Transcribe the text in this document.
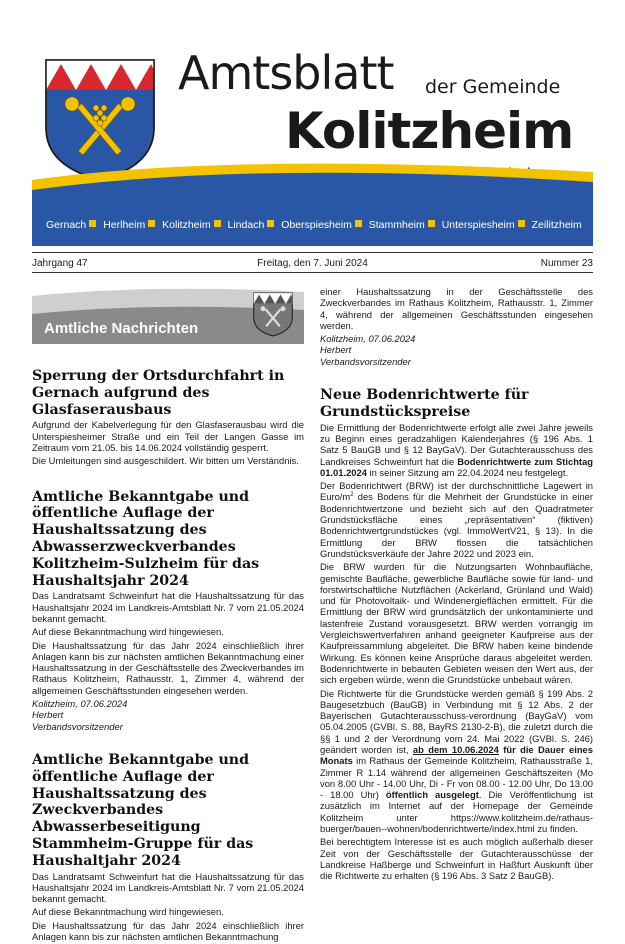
Amtsblatt der Gemeinde
Kolitzheim
Gernach Herlheim Kolitzheim Lindach Oberspiesheim Stammheim Unterspiesheim Zeilitzheim
Jahrgang 47	Freitag, den 7. Juni 2024	Nummer 23
Amtliche Nachrichten
Sperrung der Ortsdurchfahrt in Gernach aufgrund des Glasfaserausbaus

Aufgrund der Kabelverlegung für den Glasfaserausbau wird die Unterspiesheimer Straße und ein Teil der Langen Gasse im Zeitraum vom 21.05. bis 14.06.2024 vollständig gesperrt.

Die Umleitungen sind ausgeschildert. Wir bitten um Verständnis.

Amtliche Bekanntgabe und öffentliche Auflage der Haushaltssatzung des Abwasserzweckverbandes Kolitzheim-Sulzheim für das Haushaltsjahr 2024

Das Landratsamt Schweinfurt hat die Haushaltssatzung für das Haushaltsjahr 2024 im Landkreis-Amtsblatt Nr. 7 vom 21.05.2024 bekannt gemacht.

Auf diese Bekanntmachung wird hingewiesen.

Die Haushaltssatzung für das Jahr 2024 einschließlich ihrer Anlagen kann bis zur nächsten amtlichen Bekanntmachung einer Haushaltssatzung in der Geschäftsstelle des Zweckverbandes im Rathaus Kolitzheim, Rathausstr. 1, Zimmer 4, während der allgemeinen Geschäftsstunden eingesehen werden.

Kolitzheim, 07.06.2024

Herbert

Verbandsvorsitzender

Amtliche Bekanntgabe und öffentliche Auflage der Haushaltssatzung des Zweckverbandes Abwasserbeseitigung Stammheim-Gruppe für das Haushaltjahr 2024

Das Landratsamt Schweinfurt hat die Haushaltssatzung für das Haushaltsjahr 2024 im Landkreis-Amtsblatt Nr. 7 vom 21.05.2024 bekannt gemacht.

Auf diese Bekanntmachung wird hingewiesen.

Die Haushaltssatzung für das Jahr 2024 einschließlich ihrer Anlagen kann bis zur nächsten amtlichen Bekanntmachung

einer Haushaltssatzung in der Geschäftsstelle des Zweckverbandes im Rathaus Kolitzheim, Rathausstr. 1, Zimmer 4, während der allgemeinen Geschäftsstunden eingesehen werden.

Kolitzheim, 07.06.2024

Herbert

Verbandsvorsitzender

Neue Bodenrichtwerte für Grundstückspreise

Die Ermittlung der Bodenrichtwerte erfolgt alle zwei Jahre jeweils zu Beginn eines geradzahligen Kalenderjahres (§ 196 Abs. 1 Satz 5 BauGB und § 12 BayGaV). Der Gutachterausschuss des Landkreises Schweinfurt hat die Bodenrichtwerte zum Stichtag 01.01.2024 in seiner Sitzung am 22.04.2024 neu festgelegt.

Der Bodenrichtwert (BRW) ist der durchschnittliche Lagewert in Euro/$m^2$ des Bodens für die Mehrheit der Grundstücke in einer Bodenrichtwertzone und bezieht sich auf den Quadratmeter Grundstücksfläche eines „repräsentativen“ (fiktiven) Bodenrichtwertgrundstückes (vgl. ImmoWertV21, § 13). In die Ermittlung der BRW flossen die tatsächlichen Grundstücksverkäufe der Jahre 2022 und 2023 ein.

Die BRW wurden für die Nutzungsarten Wohnbaufläche, gemischte Baufläche, gewerbliche Baufläche sowie für land- und forstwirtschaftliche Nutzflächen (Ackerland, Grünland und Wald) und für Photovoltaik- und Windenergieflächen ermittelt. Für die Ermittlung der BRW wird grundsätzlich der unkontaminierte und lastenfreie Zustand vorausgesetzt. BRW werden vorrangig im Vergleichswertverfahren anhand geeigneter Kaufpreise aus der Kaufpreissammlung abgeleitet. Die BRW haben keine bindende Wirkung. Es können keine Ansprüche daraus abgeleitet werden. Bodenrichtwerte in bebauten Gebieten weisen den Wert aus, der sich ergeben würde, wenn die Grundstücke unbebaut wären.

Die Richtwerte für die Grundstücke werden gemäß § 199 Abs. 2 Baugesetzbuch (BauGB) in Verbindung mit § 12 Abs. 2 der Bayerischen Gutachterausschuss-verordnung (BayGaV) vom 05.04.2005 (GVBl. S. 88, BayRS 2130-2-B), die zuletzt durch die §§ 1 und 2 der Verordnung vom 24. Mai 2022 (GVBl. S. 246) geändert worden ist, ab dem 10.06.2024 für die Dauer eines Monats im Rathaus der Gemeinde Kolitzheim, Rathausstraße 1, Zimmer R 1.14 während der allgemeinen Geschäftszeiten (Mo von 8.00 Uhr - 14.00 Uhr, Di - Fr von 08.00 - 12.00 Uhr, Do 13.00 - 18.00 Uhr) öffentlich ausgelegt. Die Veröffentlichung ist zusätzlich im Internet auf der Homepage der Gemeinde Kolitzheim unter https://www.kolitzheim.de/rathaus-buerger/bauen--wohnen/bodenrichtwerte/index.html zu finden.

Bei berechtigtem Interesse ist es auch möglich außerhalb dieser Zeit von der Geschäftsstelle der Gutachterausschüsse der Landkreise Haßberge und Schweinfurt in Haßfurt Auskunft über die Richtwerte zu erhalten (§ 196 Abs. 3 Satz 2 BauGB).
